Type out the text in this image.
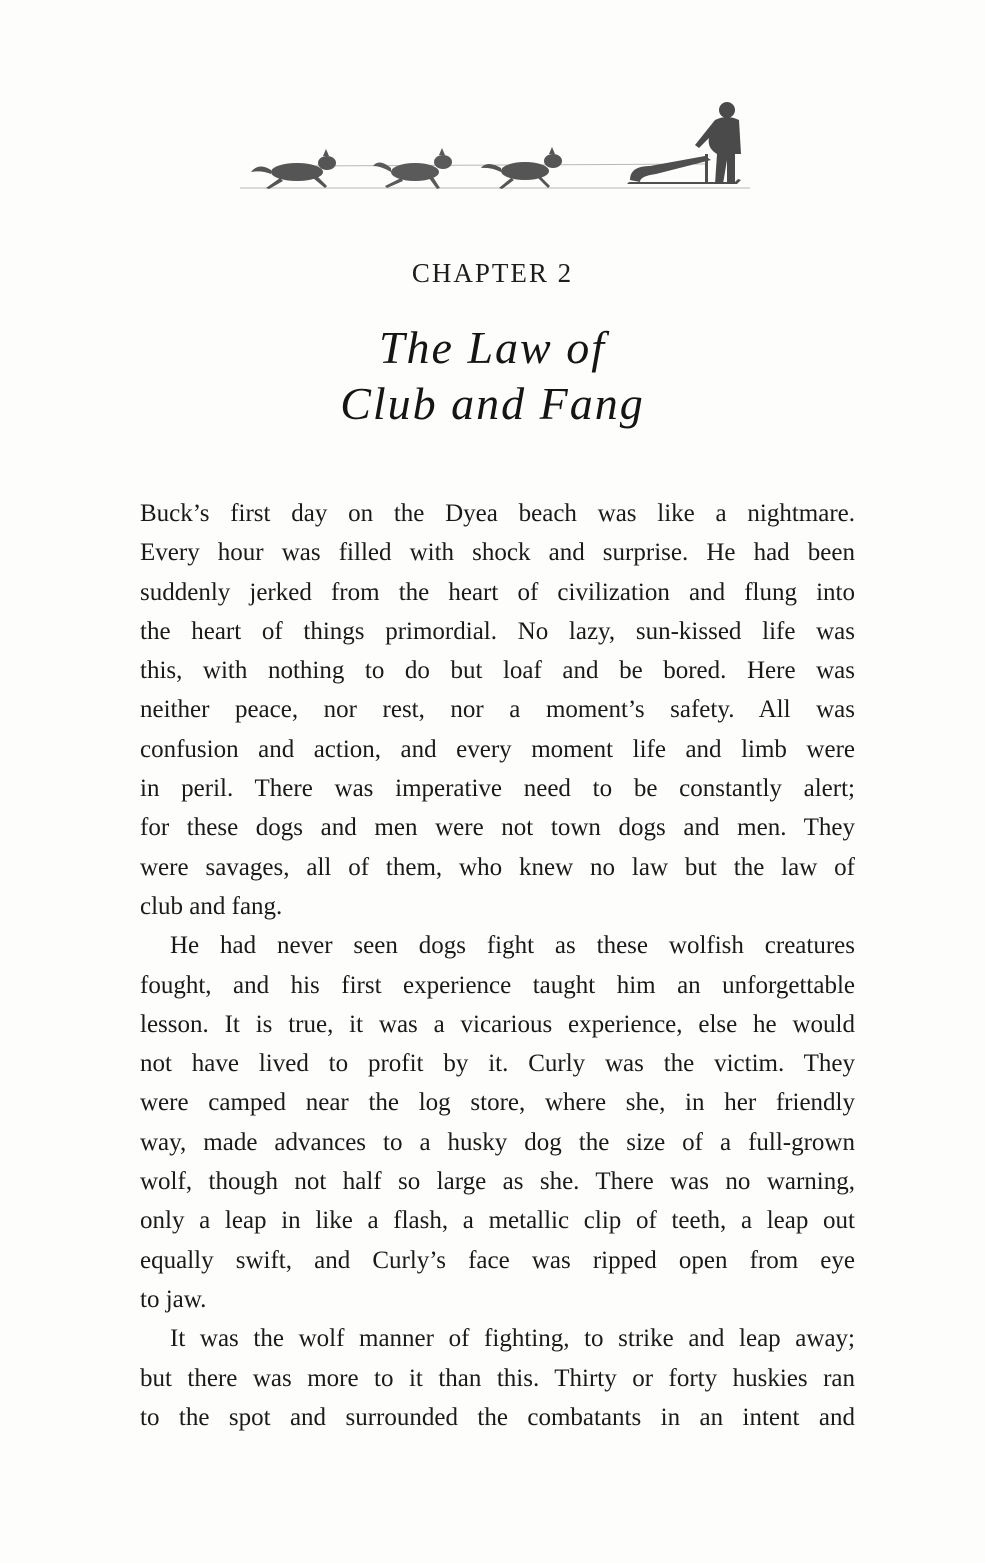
CHAPTER 2
The Law of
Club and Fang
Buck’s first day on the Dyea beach was like a nightmare.
Every hour was filled with shock and surprise. He had been
suddenly jerked from the heart of civilization and flung into
the heart of things primordial. No lazy, sun-kissed life was
this, with nothing to do but loaf and be bored. Here was
neither peace, nor rest, nor a moment’s safety. All was
confusion and action, and every moment life and limb were
in peril. There was imperative need to be constantly alert;
for these dogs and men were not town dogs and men. They
were savages, all of them, who knew no law but the law of
club and fang.
He had never seen dogs fight as these wolfish creatures
fought, and his first experience taught him an unforgettable
lesson. It is true, it was a vicarious experience, else he would
not have lived to profit by it. Curly was the victim. They
were camped near the log store, where she, in her friendly
way, made advances to a husky dog the size of a full-grown
wolf, though not half so large as she. There was no warning,
only a leap in like a flash, a metallic clip of teeth, a leap out
equally swift, and Curly’s face was ripped open from eye
to jaw.
It was the wolf manner of fighting, to strike and leap away;
but there was more to it than this. Thirty or forty huskies ran
to the spot and surrounded the combatants in an intent and
